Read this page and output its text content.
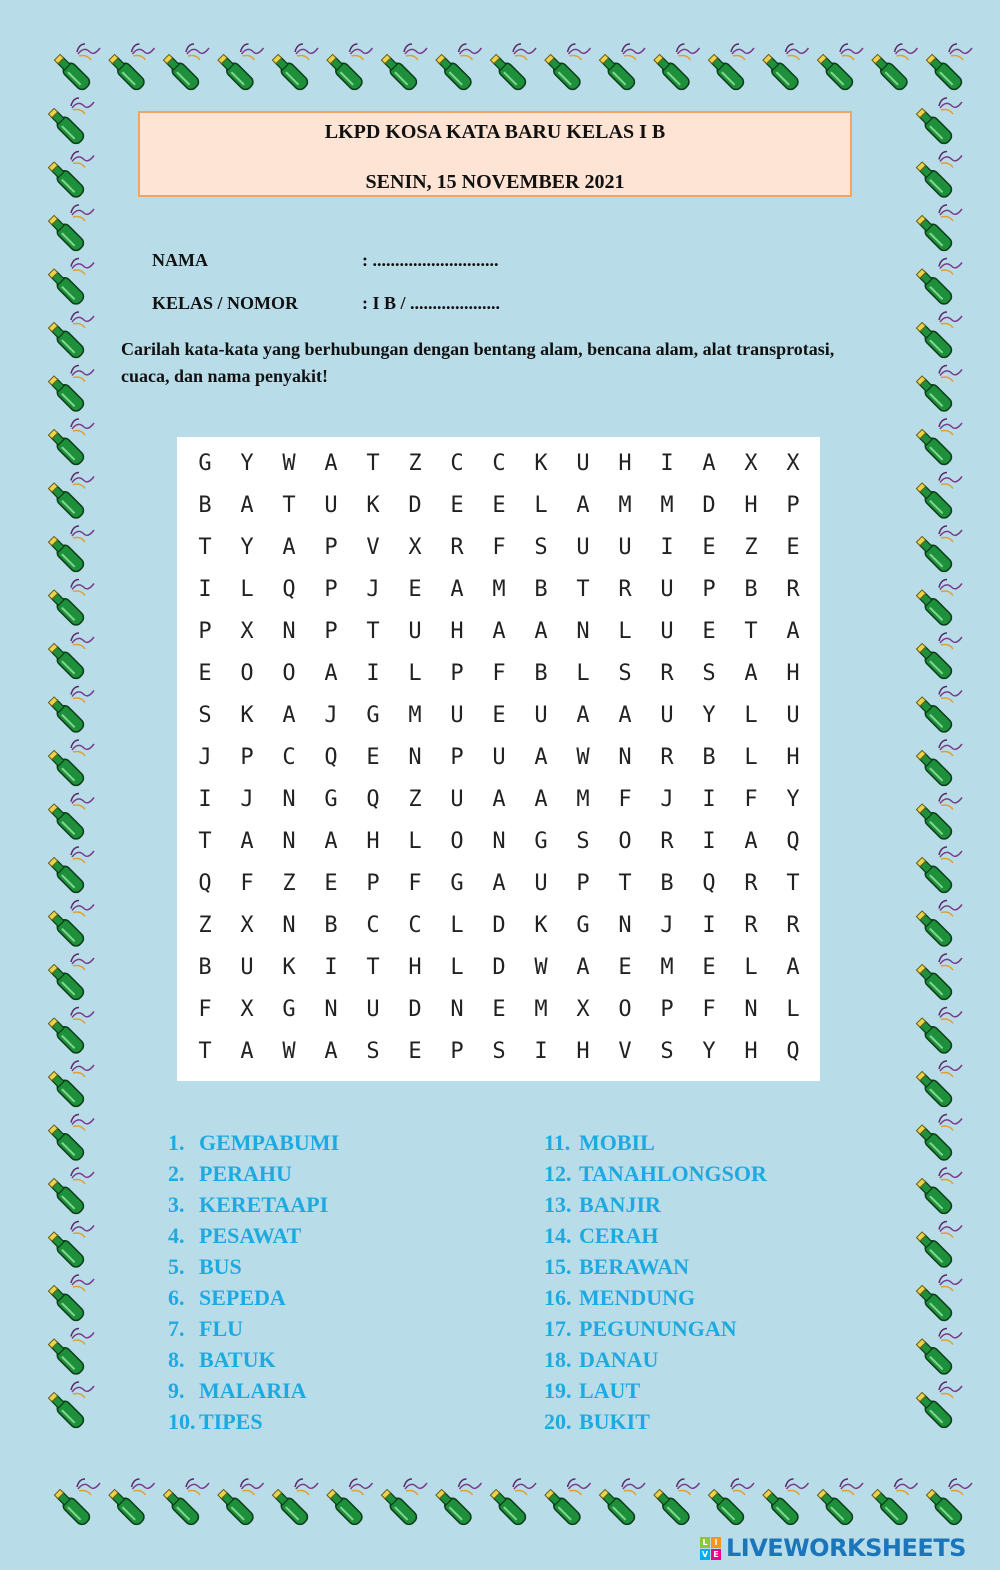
LKPD KOSA KATA BARU KELAS I B
SENIN, 15 NOVEMBER 2021
NAMA	: ............................
KELAS / NOMOR	: I B / ....................
Carilah kata-kata yang berhubungan dengan bentang alam, bencana alam, alat transprotasi, cuaca, dan nama penyakit!
G	Y	W	A	T	Z	C	C	K	U	H	I	A	X	X
B	A	T	U	K	D	E	E	L	A	M	M	D	H	P
T	Y	A	P	V	X	R	F	S	U	U	I	E	Z	E
I	L	Q	P	J	E	A	M	B	T	R	U	P	B	R
P	X	N	P	T	U	H	A	A	N	L	U	E	T	A
E	O	O	A	I	L	P	F	B	L	S	R	S	A	H
S	K	A	J	G	M	U	E	U	A	A	U	Y	L	U
J	P	C	Q	E	N	P	U	A	W	N	R	B	L	H
I	J	N	G	Q	Z	U	A	A	M	F	J	I	F	Y
T	A	N	A	H	L	O	N	G	S	O	R	I	A	Q
Q	F	Z	E	P	F	G	A	U	P	T	B	Q	R	T
Z	X	N	B	C	C	L	D	K	G	N	J	I	R	R
B	U	K	I	T	H	L	D	W	A	E	M	E	L	A
F	X	G	N	U	D	N	E	M	X	O	P	F	N	L
T	A	W	A	S	E	P	S	I	H	V	S	Y	H	Q
1. GEMPABUMI
2. PERAHU
3. KERETAAPI
4. PESAWAT
5. BUS
6. SEPEDA
7. FLU
8. BATUK
9. MALARIA
10. TIPES
11. MOBIL
12. TANAHLONGSOR
13. BANJIR
14. CERAH
15. BERAWAN
16. MENDUNG
17. PEGUNUNGAN
18. DANAU
19. LAUT
20. BUKIT
L I
V E LIVEWORKSHEETS
